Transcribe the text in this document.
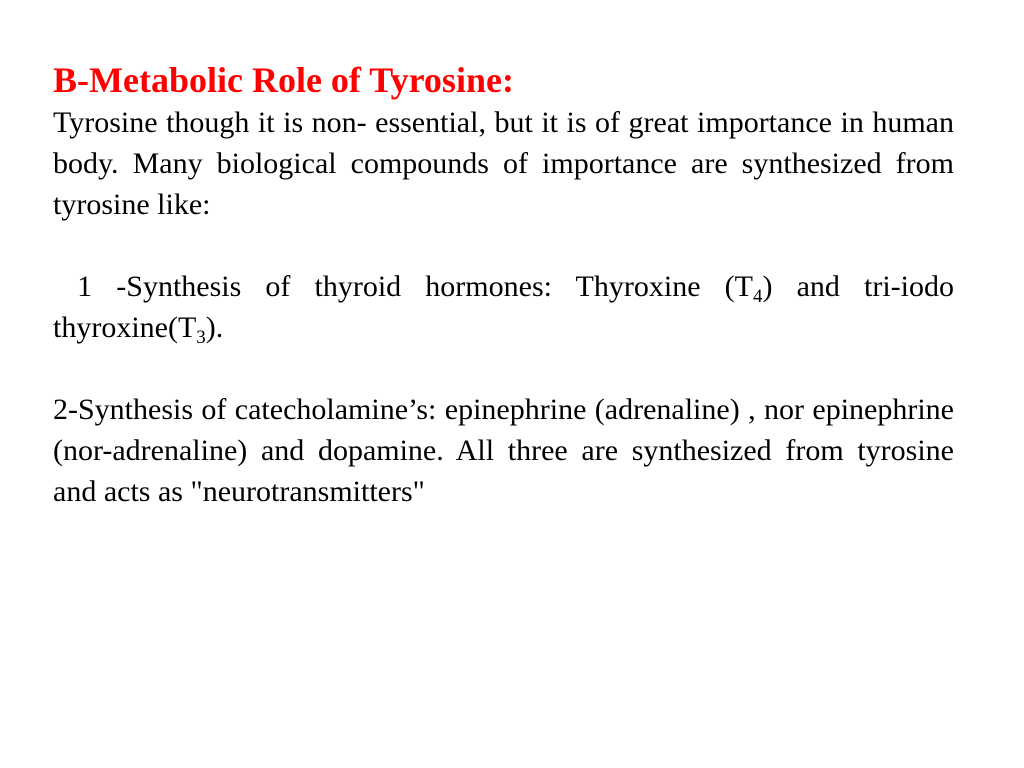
B-Metabolic Role of Tyrosine:

Tyrosine though it is non- essential, but it is of great importance in human body. Many biological compounds of importance are synthesized from tyrosine like:

1 -Synthesis of thyroid hormones: Thyroxine $(T_4)$ and tri-iodo $thyroxine(T_3)$.

2-Synthesis of catecholamine’s: epinephrine (adrenaline) , nor epinephrine (nor-adrenaline) and dopamine. All three are synthesized from tyrosine and acts as "neurotransmitters"
